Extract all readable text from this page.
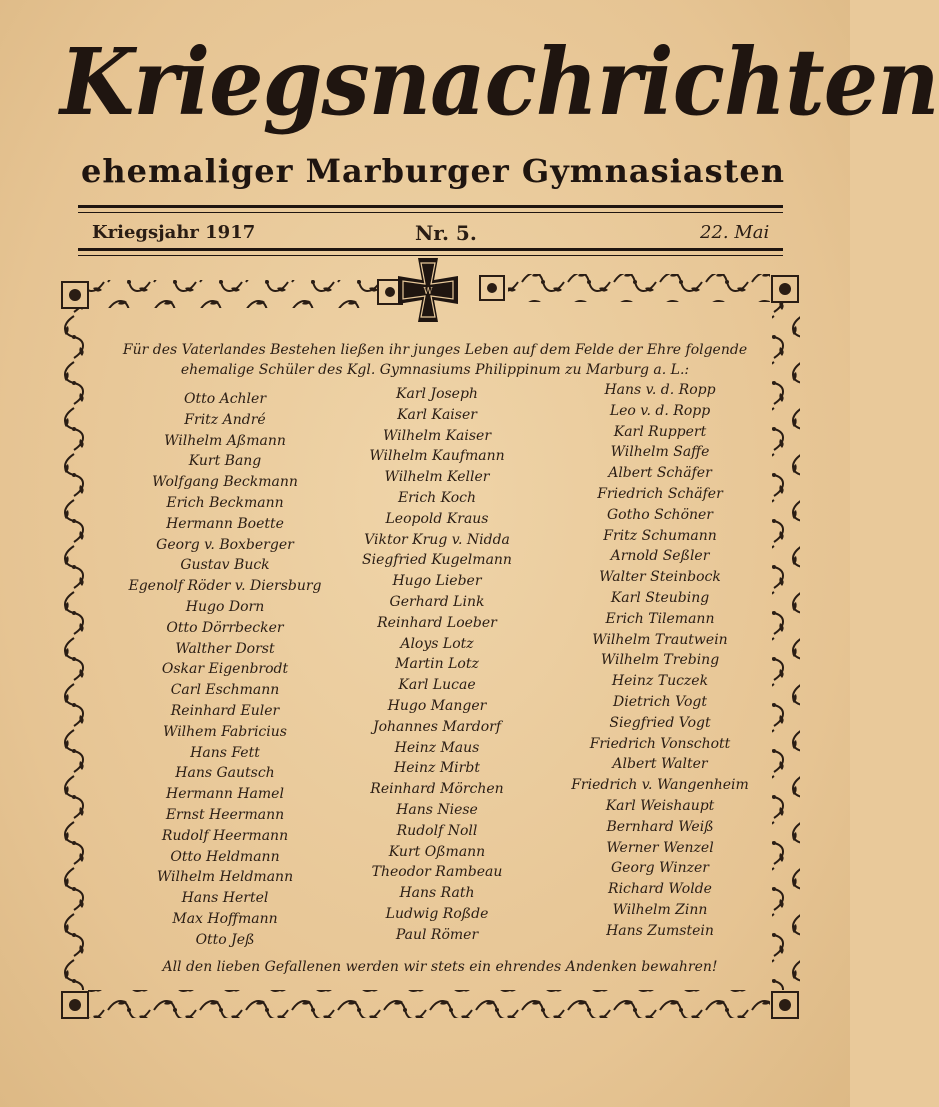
Kriegsnachrichten
ehemaliger Marburger Gymnasiasten
Kriegsjahr 1917	Nr. 5.	22. Mai
W
Für des Vaterlandes Bestehen ließen ihr junges Leben auf dem Felde der Ehre folgende ehemalige Schüler des Kgl. Gymnasiums Philippinum zu Marburg a. L.:
Otto Achler
Fritz André
Wilhelm Aßmann
Kurt Bang
Wolfgang Beckmann
Erich Beckmann
Hermann Boette
Georg v. Boxberger
Gustav Buck
Egenolf Röder v. Diersburg
Hugo Dorn
Otto Dörrbecker
Walther Dorst
Oskar Eigenbrodt
Carl Eschmann
Reinhard Euler
Wilhem Fabricius
Hans Fett
Hans Gautsch
Hermann Hamel
Ernst Heermann
Rudolf Heermann
Otto Heldmann
Wilhelm Heldmann
Hans Hertel
Max Hoffmann
Otto Jeß
Karl Joseph
Karl Kaiser
Wilhelm Kaiser
Wilhelm Kaufmann
Wilhelm Keller
Erich Koch
Leopold Kraus
Viktor Krug v. Nidda
Siegfried Kugelmann
Hugo Lieber
Gerhard Link
Reinhard Loeber
Aloys Lotz
Martin Lotz
Karl Lucae
Hugo Manger
Johannes Mardorf
Heinz Maus
Heinz Mirbt
Reinhard Mörchen
Hans Niese
Rudolf Noll
Kurt Oßmann
Theodor Rambeau
Hans Rath
Ludwig Roßde
Paul Römer
Hans v. d. Ropp
Leo v. d. Ropp
Karl Ruppert
Wilhelm Saffe
Albert Schäfer
Friedrich Schäfer
Gotho Schöner
Fritz Schumann
Arnold Seßler
Walter Steinbock
Karl Steubing
Erich Tilemann
Wilhelm Trautwein
Wilhelm Trebing
Heinz Tuczek
Dietrich Vogt
Siegfried Vogt
Friedrich Vonschott
Albert Walter
Friedrich v. Wangenheim
Karl Weishaupt
Bernhard Weiß
Werner Wenzel
Georg Winzer
Richard Wolde
Wilhelm Zinn
Hans Zumstein
All den lieben Gefallenen werden wir stets ein ehrendes Andenken bewahren!
